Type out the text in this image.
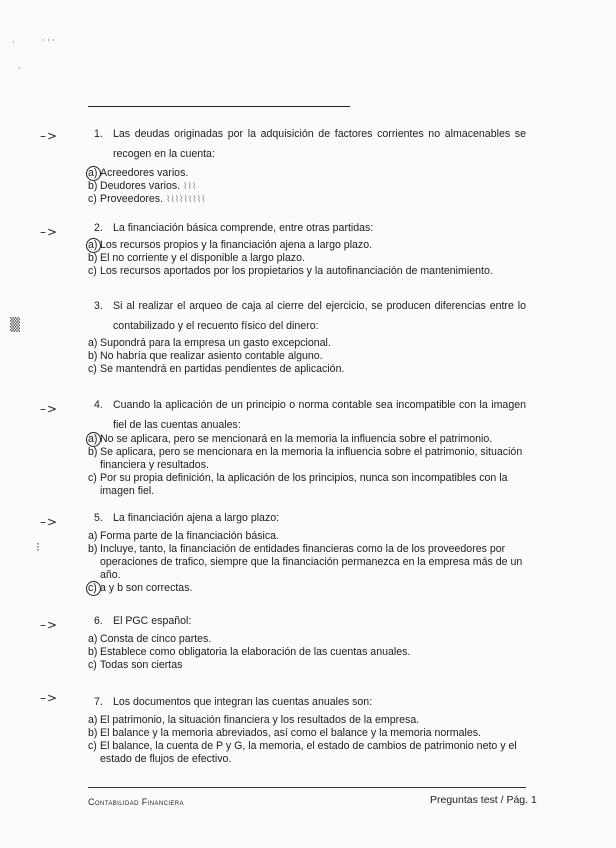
·	· · ·
·
▒
⁝
–>
–>
–>
–>
–>
–>
1. Las deudas originadas por la adquisición de factores corrientes no almacenables se recogen en la cuenta:
a) Acreedores varios.
b) Deudores varios. ⌇⌇⌇
c) Proveedores. ⌇⌇⌇⌇⌇⌇⌇⌇⌇
2. La financiación básica comprende, entre otras partidas:
a) Los recursos propios y la financiación ajena a largo plazo.
b) El no corriente y el disponible a largo plazo.
c) Los recursos aportados por los propietarios y la autofinanciación de mantenimiento.
3. Si al realizar el arqueo de caja al cierre del ejercicio, se producen diferencias entre lo contabilizado y el recuento físico del dinero:
a) Supondrá para la empresa un gasto excepcional.
b) No habría que realizar asiento contable alguno.
c) Se mantendrá en partidas pendientes de aplicación.
4. Cuando la aplicación de un principio o norma contable sea incompatible con la imagen fiel de las cuentas anuales:
a) No se aplicara, pero se mencionará en la memoria la influencia sobre el patrimonio.
b) Se aplicara, pero se mencionara en la memoria la influencia sobre el patrimonio, situación financiera y resultados.
c) Por su propia definición, la aplicación de los principios, nunca son incompatibles con la imagen fiel.
5. La financiación ajena a largo plazo:
a) Forma parte de la financiación básica.
b) Incluye, tanto, la financiación de entidades financieras como la de los proveedores por operaciones de trafico, siempre que la financiación permanezca en la empresa más de un año.
c) a y b son correctas.
6. El PGC español:
a) Consta de cinco partes.
b) Establece como obligatoria la elaboración de las cuentas anuales.
c) Todas son ciertas
7. Los documentos que integran las cuentas anuales son:
a) El patrimonio, la situación financiera y los resultados de la empresa.
b) El balance y la memoria abreviados, así como el balance y la memoria normales.
c) El balance, la cuenta de P y G, la memoria, el estado de cambios de patrimonio neto y el estado de flujos de efectivo.
Contabilidad Financiera	Preguntas test / Pág. 1
